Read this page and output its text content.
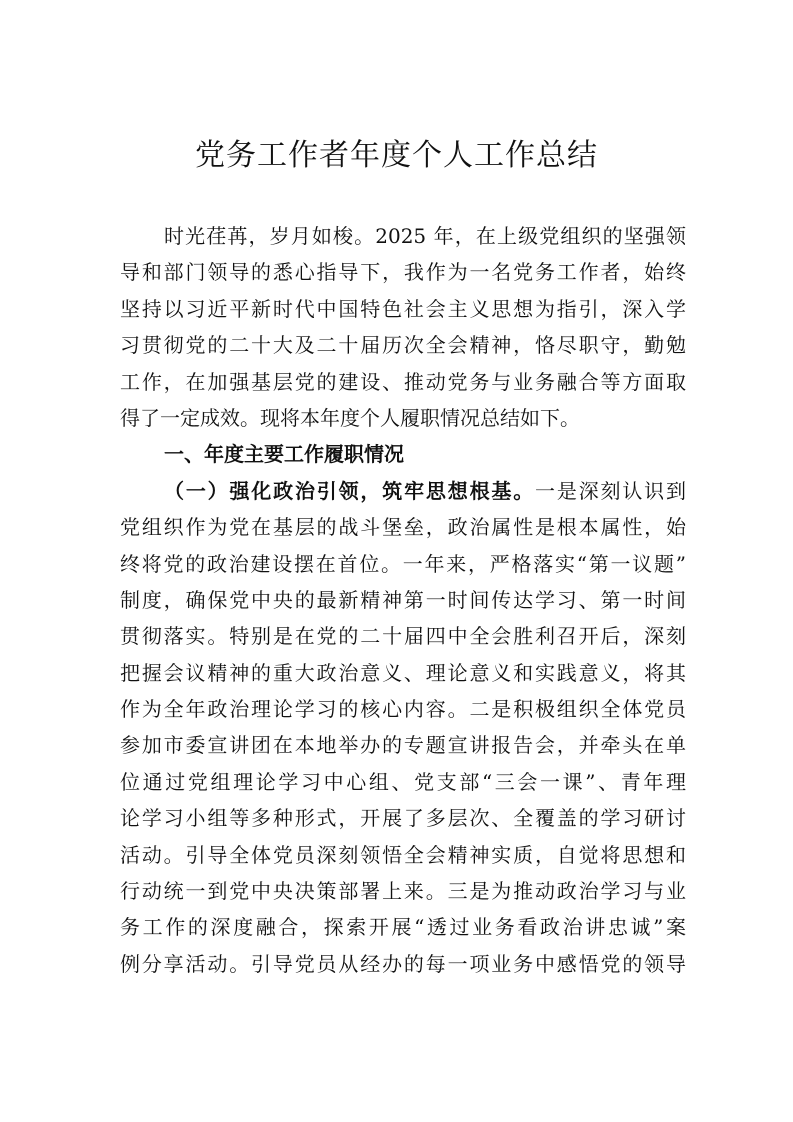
党务工作者年度个人工作总结
时光荏苒，岁月如梭。2025 年，在上级党组织的坚强领
导和部门领导的悉心指导下，我作为一名党务工作者，始终
坚持以习近平新时代中国特色社会主义思想为指引，深入学
习贯彻党的二十大及二十届历次全会精神，恪尽职守，勤勉
工作，在加强基层党的建设、推动党务与业务融合等方面取
得了一定成效。现将本年度个人履职情况总结如下。
一、年度主要工作履职情况
（一）强化政治引领，筑牢思想根基。一是深刻认识到
党组织作为党在基层的战斗堡垒，政治属性是根本属性，始
终将党的政治建设摆在首位。一年来，严格落实“第一议题”
制度，确保党中央的最新精神第一时间传达学习、第一时间
贯彻落实。特别是在党的二十届四中全会胜利召开后，深刻
把握会议精神的重大政治意义、理论意义和实践意义，将其
作为全年政治理论学习的核心内容。二是积极组织全体党员
参加市委宣讲团在本地举办的专题宣讲报告会，并牵头在单
位通过党组理论学习中心组、党支部“三会一课”、青年理
论学习小组等多种形式，开展了多层次、全覆盖的学习研讨
活动。引导全体党员深刻领悟全会精神实质，自觉将思想和
行动统一到党中央决策部署上来。三是为推动政治学习与业
务工作的深度融合，探索开展“透过业务看政治讲忠诚”案
例分享活动。引导党员从经办的每一项业务中感悟党的领导
